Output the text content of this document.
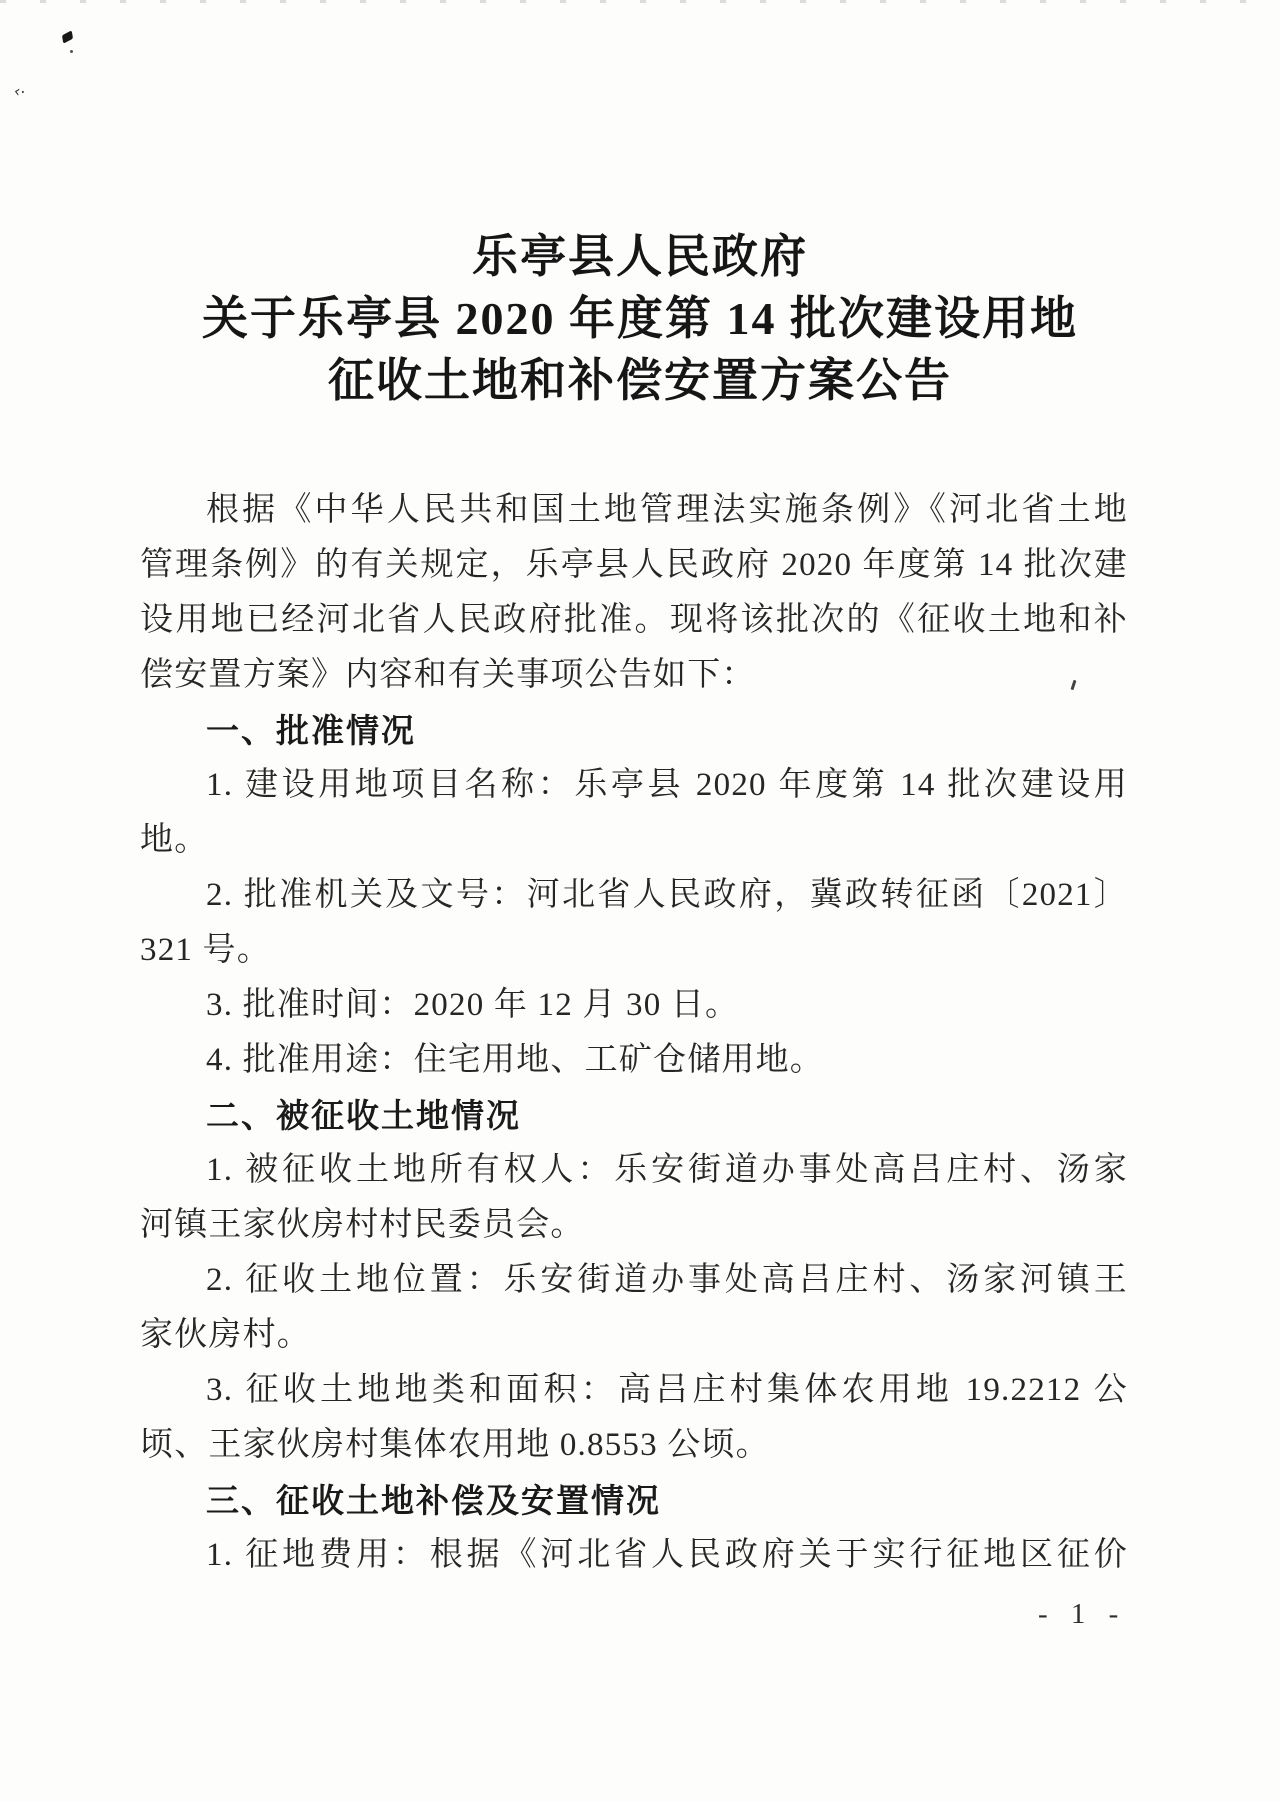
‹·
乐亭县人民政府
关于乐亭县 2020 年度第 14 批次建设用地
征收土地和补偿安置方案公告
根据《中华人民共和国土地管理法实施条例》《河北省土地
管理条例》的有关规定，乐亭县人民政府 2020 年度第 14 批次建
设用地已经河北省人民政府批准。现将该批次的《征收土地和补
偿安置方案》内容和有关事项公告如下：
一、批准情况
1. 建设用地项目名称：乐亭县 2020 年度第 14 批次建设用
地。
2. 批准机关及文号：河北省人民政府，冀政转征函〔2021〕
321 号。
3. 批准时间：2020 年 12 月 30 日。
4. 批准用途：住宅用地、工矿仓储用地。
二、被征收土地情况
1. 被征收土地所有权人：乐安街道办事处高吕庄村、汤家
河镇王家伙房村村民委员会。
2. 征收土地位置：乐安街道办事处高吕庄村、汤家河镇王
家伙房村。
3. 征收土地地类和面积：高吕庄村集体农用地 19.2212 公
顷、王家伙房村集体农用地 0.8553 公顷。
三、征收土地补偿及安置情况
1. 征地费用：根据《河北省人民政府关于实行征地区征价
- 1 -
